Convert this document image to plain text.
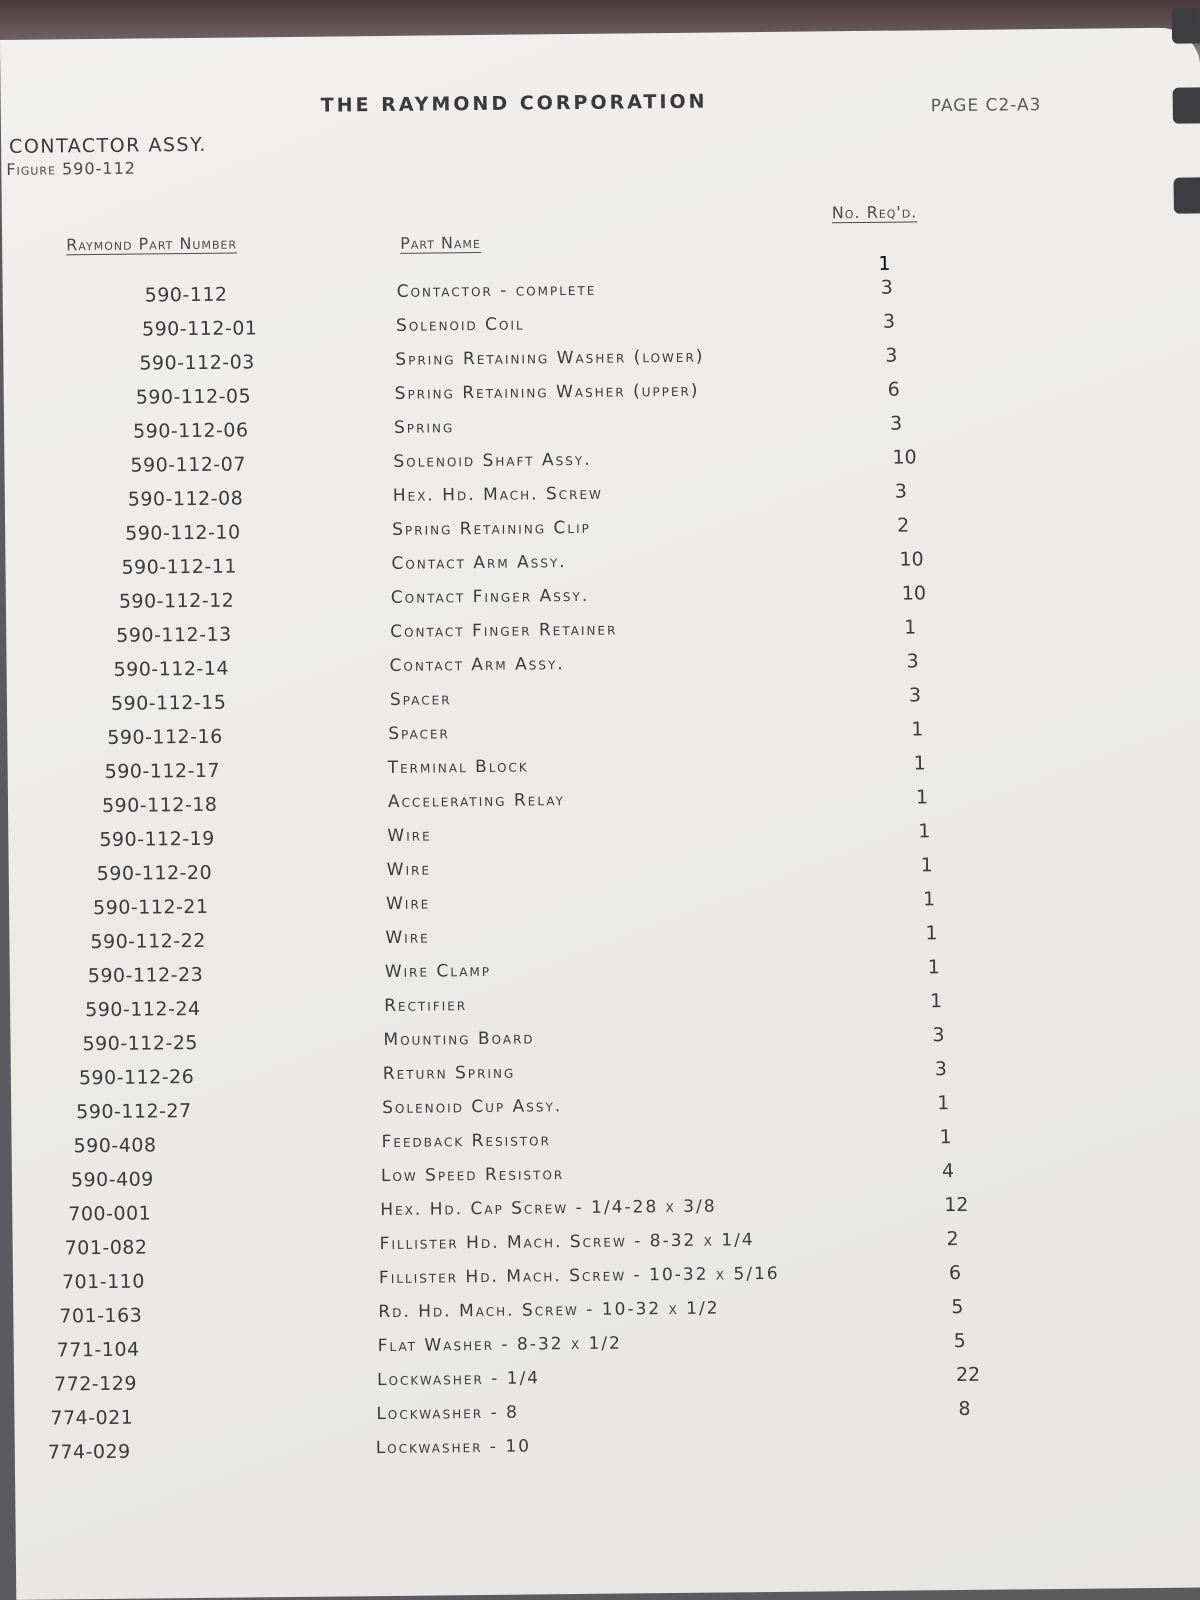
THE RAYMOND CORPORATION	PAGE C2-A3
CONTACTOR ASSY.
Figure 590-112
Raymond Part Number	Part Name
No. Req'd.
1
590-112	Contactor - complete	3
590-112-01	Solenoid Coil	3
590-112-03	Spring Retaining Washer (lower)	3
590-112-05	Spring Retaining Washer (upper)	6
590-112-06	Spring	3
590-112-07	Solenoid Shaft Assy.	10
590-112-08	Hex. Hd. Mach. Screw	3
590-112-10	Spring Retaining Clip	2
590-112-11	Contact Arm Assy.	10
590-112-12	Contact Finger Assy.	10
590-112-13	Contact Finger Retainer	1
590-112-14	Contact Arm Assy.	3
590-112-15	Spacer	3
590-112-16	Spacer	1
590-112-17	Terminal Block	1
590-112-18	Accelerating Relay	1
590-112-19	Wire	1
590-112-20	Wire	1
590-112-21	Wire	1
590-112-22	Wire	1
590-112-23	Wire Clamp	1
590-112-24	Rectifier	1
590-112-25	Mounting Board	3
590-112-26	Return Spring	3
590-112-27	Solenoid Cup Assy.	1
590-408	Feedback Resistor	1
590-409	Low Speed Resistor	4
700-001	Hex. Hd. Cap Screw - 1/4-28 x 3/8	12
701-082	Fillister Hd. Mach. Screw - 8-32 x 1/4	2
701-110	Fillister Hd. Mach. Screw - 10-32 x 5/16	6
701-163	Rd. Hd. Mach. Screw - 10-32 x 1/2	5
771-104	Flat Washer - 8-32 x 1/2	5
772-129	Lockwasher - 1/4	22
774-021	Lockwasher - 8	8
774-029	Lockwasher - 10
